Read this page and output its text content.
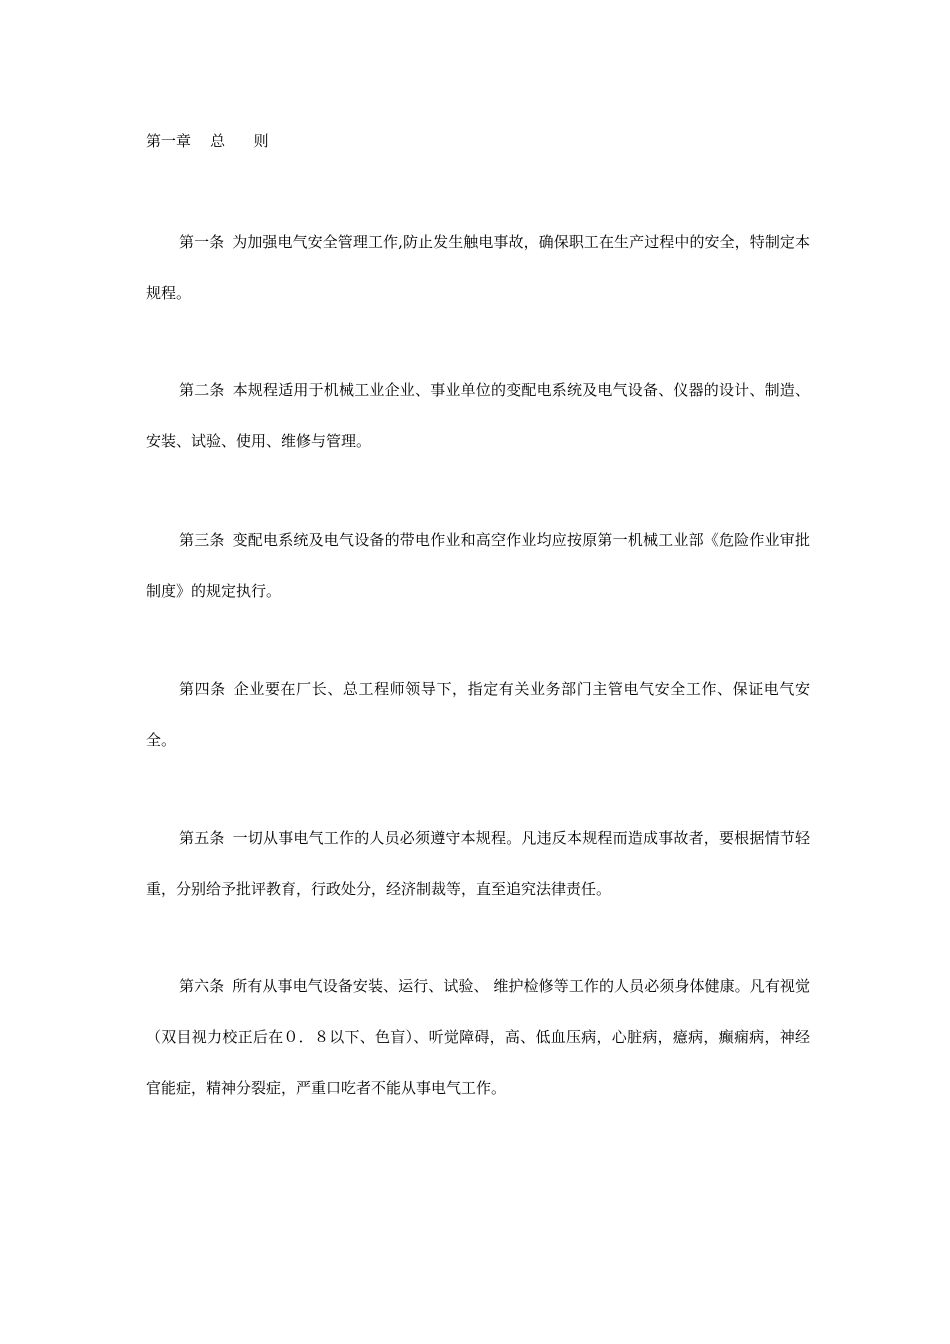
第一章    总      则

第一条 为加强电气安全管理工作,防止发生触电事故，确保职工在生产过程中的安全，特制定本规程。

第二条 本规程适用于机械工业企业、事业单位的变配电系统及电气设备、仪器的设计、制造、安装、试验、使用、维修与管理。

第三条 变配电系统及电气设备的带电作业和高空作业均应按原第一机械工业部《危险作业审批制度》的规定执行。

第四条 企业要在厂长、总工程师领导下，指定有关业务部门主管电气安全工作、保证电气安全。

第五条 一切从事电气工作的人员必须遵守本规程。凡违反本规程而造成事故者，要根据情节轻重，分别给予批评教育，行政处分，经济制裁等，直至追究法律责任。

第六条 所有从事电气设备安装、运行、试验、 维护检修等工作的人员必须身体健康。凡有视觉（双目视力校正后在０．８以下、色盲）、听觉障碍，高、低血压病，心脏病，癔病，癫痫病，神经官能症，精神分裂症，严重口吃者不能从事电气工作。
